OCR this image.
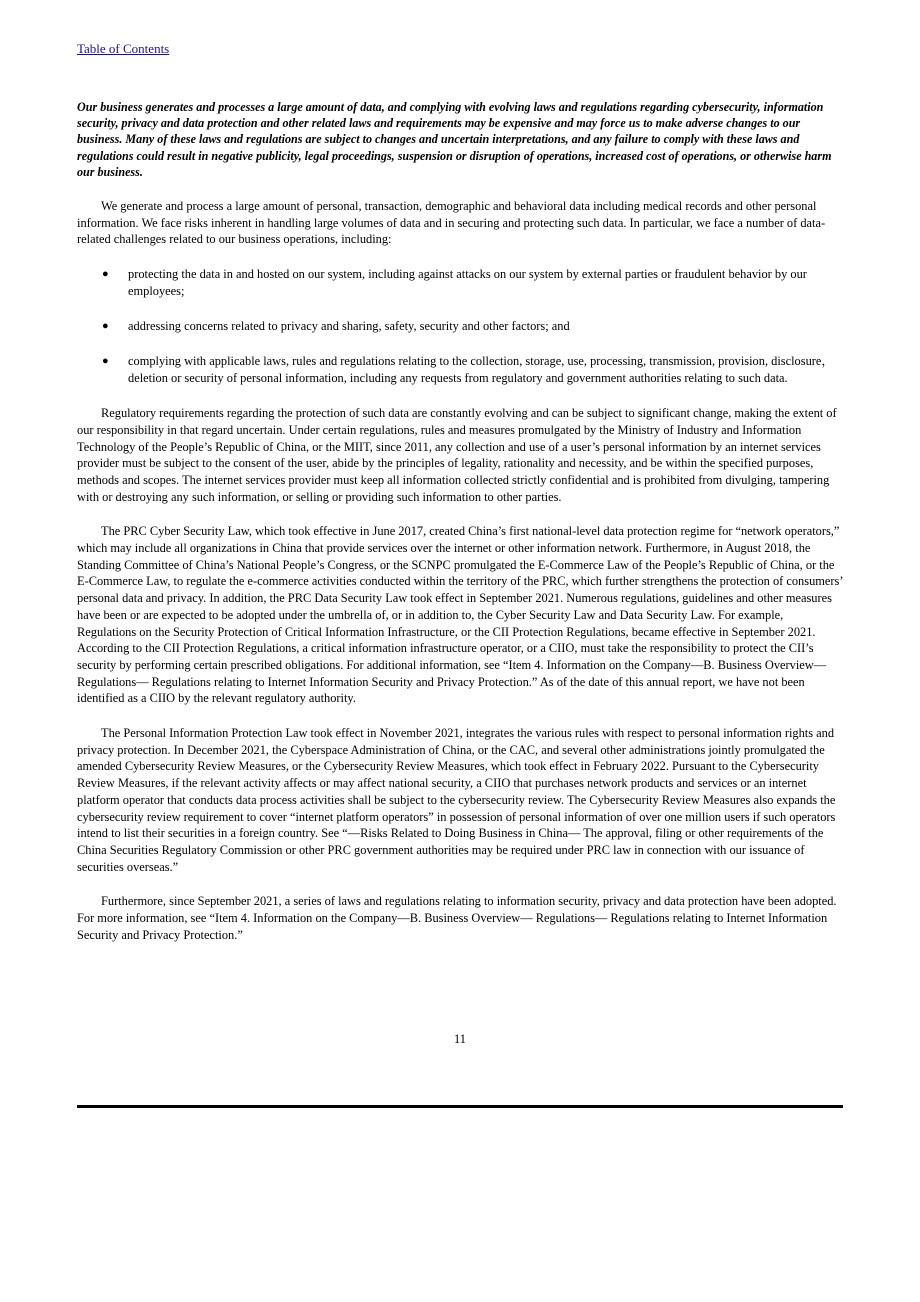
Table of Contents

Our business generates and processes a large amount of data, and complying with evolving laws and regulations regarding cybersecurity, information security, privacy and data protection and other related laws and requirements may be expensive and may force us to make adverse changes to our business. Many of these laws and regulations are subject to changes and uncertain interpretations, and any failure to comply with these laws and regulations could result in negative publicity, legal proceedings, suspension or disruption of operations, increased cost of operations, or otherwise harm our business.

We generate and process a large amount of personal, transaction, demographic and behavioral data including medical records and other personal information. We face risks inherent in handling large volumes of data and in securing and protecting such data. In particular, we face a number of data-related challenges related to our business operations, including:

● protecting the data in and hosted on our system, including against attacks on our system by external parties or fraudulent behavior by our employees;
● addressing concerns related to privacy and sharing, safety, security and other factors; and
● complying with applicable laws, rules and regulations relating to the collection, storage, use, processing, transmission, provision, disclosure，deletion or security of personal information, including any requests from regulatory and government authorities relating to such data.

Regulatory requirements regarding the protection of such data are constantly evolving and can be subject to significant change, making the extent of our responsibility in that regard uncertain. Under certain regulations, rules and measures promulgated by the Ministry of Industry and Information Technology of the People’s Republic of China, or the MIIT, since 2011, any collection and use of a user’s personal information by an internet services provider must be subject to the consent of the user, abide by the principles of legality, rationality and necessity, and be within the specified purposes, methods and scopes. The internet services provider must keep all information collected strictly confidential and is prohibited from divulging, tampering with or destroying any such information, or selling or providing such information to other parties.

The PRC Cyber Security Law, which took effective in June 2017, created China’s first national-level data protection regime for “network operators,” which may include all organizations in China that provide services over the internet or other information network. Furthermore, in August 2018, the Standing Committee of China’s National People’s Congress, or the SCNPC promulgated the E-Commerce Law of the People’s Republic of China, or the E-Commerce Law, to regulate the e-commerce activities conducted within the territory of the PRC, which further strengthens the protection of consumers’ personal data and privacy. In addition, the PRC Data Security Law took effect in September 2021. Numerous regulations, guidelines and other measures have been or are expected to be adopted under the umbrella of, or in addition to, the Cyber Security Law and Data Security Law. For example, Regulations on the Security Protection of Critical Information Infrastructure, or the CII Protection Regulations, became effective in September 2021. According to the CII Protection Regulations, a critical information infrastructure operator, or a CIIO, must take the responsibility to protect the CII’s security by performing certain prescribed obligations. For additional information, see “Item 4. Information on the Company—B. Business Overview— Regulations— Regulations relating to Internet Information Security and Privacy Protection.” As of the date of this annual report, we have not been identified as a CIIO by the relevant regulatory authority.

The Personal Information Protection Law took effect in November 2021, integrates the various rules with respect to personal information rights and privacy protection. In December 2021, the Cyberspace Administration of China, or the CAC, and several other administrations jointly promulgated the amended Cybersecurity Review Measures, or the Cybersecurity Review Measures, which took effect in February 2022. Pursuant to the Cybersecurity Review Measures, if the relevant activity affects or may affect national security, a CIIO that purchases network products and services or an internet platform operator that conducts data process activities shall be subject to the cybersecurity review. The Cybersecurity Review Measures also expands the cybersecurity review requirement to cover “internet platform operators” in possession of personal information of over one million users if such operators intend to list their securities in a foreign country. See “—Risks Related to Doing Business in China— The approval, filing or other requirements of the China Securities Regulatory Commission or other PRC government authorities may be required under PRC law in connection with our issuance of securities overseas.”

Furthermore, since September 2021, a series of laws and regulations relating to information security, privacy and data protection have been adopted. For more information, see “Item 4. Information on the Company—B. Business Overview— Regulations— Regulations relating to Internet Information Security and Privacy Protection.”

11
